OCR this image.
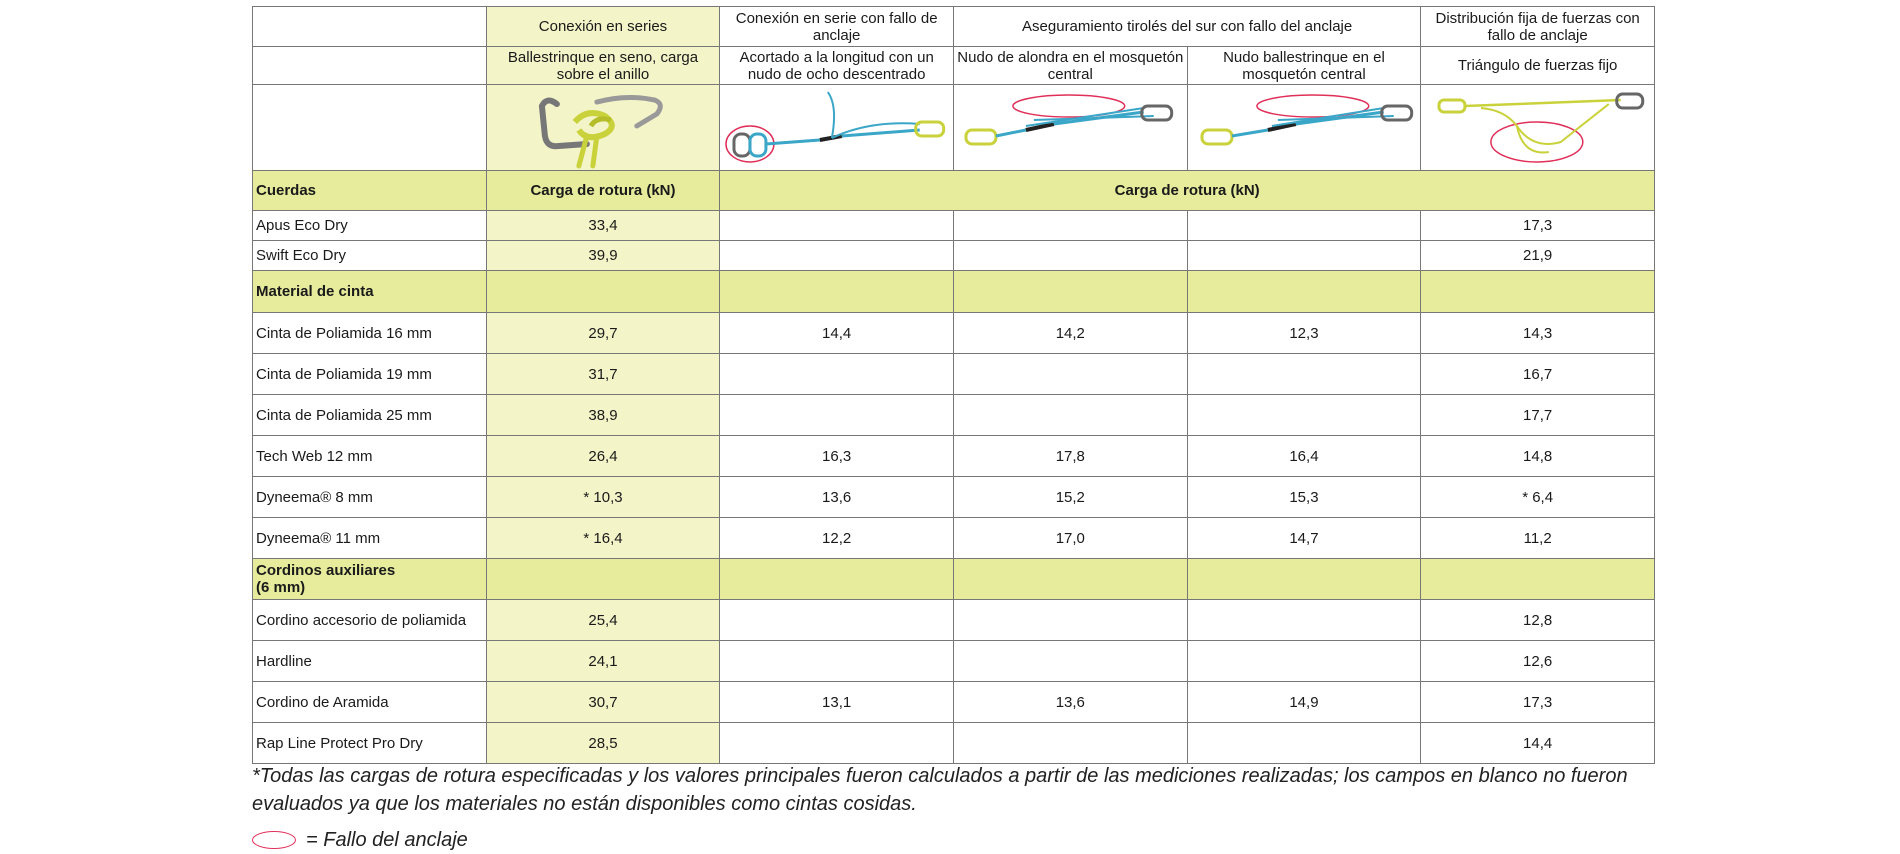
	Conexión en series	Conexión en serie con fallo de anclaje	Aseguramiento tirolés del sur con fallo del anclaje		Distribución fija de fuerzas con fallo de anclaje
	Ballestrinque en seno, carga sobre el anillo	Acortado a la longitud con un nudo de ocho descentrado	Nudo de alondra en el mosquetón central	Nudo ballestrinque en el mosquetón central	Triángulo de fuerzas fijo

Cuerdas	Carga de rotura (kN)	Carga de rotura (kN)			
Apus Eco Dry	33,4				17,3
Swift Eco Dry	39,9				21,9
Material de cinta					
Cinta de Poliamida 16 mm	29,7	14,4	14,2	12,3	14,3
Cinta de Poliamida 19 mm	31,7				16,7
Cinta de Poliamida 25 mm	38,9				17,7
Tech Web 12 mm	26,4	16,3	17,8	16,4	14,8
Dyneema® 8 mm	* 10,3	13,6	15,2	15,3	* 6,4
Dyneema® 11 mm	* 16,4	12,2	17,0	14,7	11,2
Cordinos auxiliares (6 mm)					
Cordino accesorio de poliamida	25,4				12,8
Hardline	24,1				12,6
Cordino de Aramida	30,7	13,1	13,6	14,9	17,3
Rap Line Protect Pro Dry	28,5				14,4
*Todas las cargas de rotura especificadas y los valores principales fueron calculados a partir de las mediciones realizadas; los campos en blanco no fueron evaluados ya que los materiales no están disponibles como cintas cosidas.
= Fallo del anclaje
